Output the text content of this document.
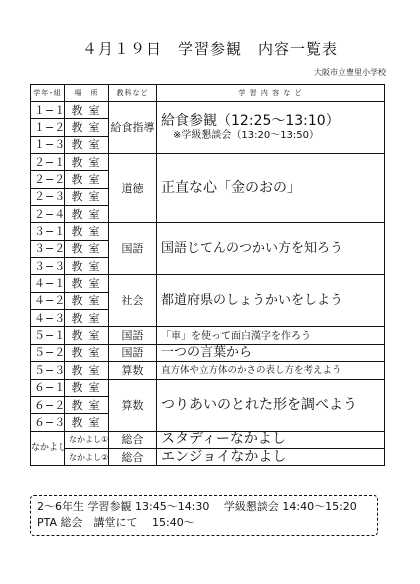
４月１９日　学習参観　内容一覧表
大阪市立豊里小学校
学年･組	場　所	教科など	学 習 内 容 な ど
１−１	教室	給食指導	給食参観（12:25〜13:10）
※学級懇談会（13:20〜13:50）

１−２	教室		
１−３	教室		
２−１	教室	道徳	正直な心「金のおの」
２−２	教室		
２−３	教室		
２−４	教室		
３−１	教室	国語	国語じてんのつかい方を知ろう
３−２	教室		
３−３	教室		
４−１	教室	社会	都道府県のしょうかいをしよう
４−２	教室		
４−３	教室		
５−１	教室	国語	「車」を使って面白漢字を作ろう
５−２	教室	国語	一つの言葉から
５−３	教室	算数	直方体や立方体のかさの表し方を考えよう
６−１	教室	算数	つりあいのとれた形を調べよう
６−２	教室		
６−３	教室		
なかよし	なかよし①	総合	スタディーなかよし
	なかよし②	総合	エンジョイなかよし
2〜6年生 学習参観 13:45〜14:30　 学級懇談会 14:40〜15:20
PTA 総会　講堂にて　 15:40〜
